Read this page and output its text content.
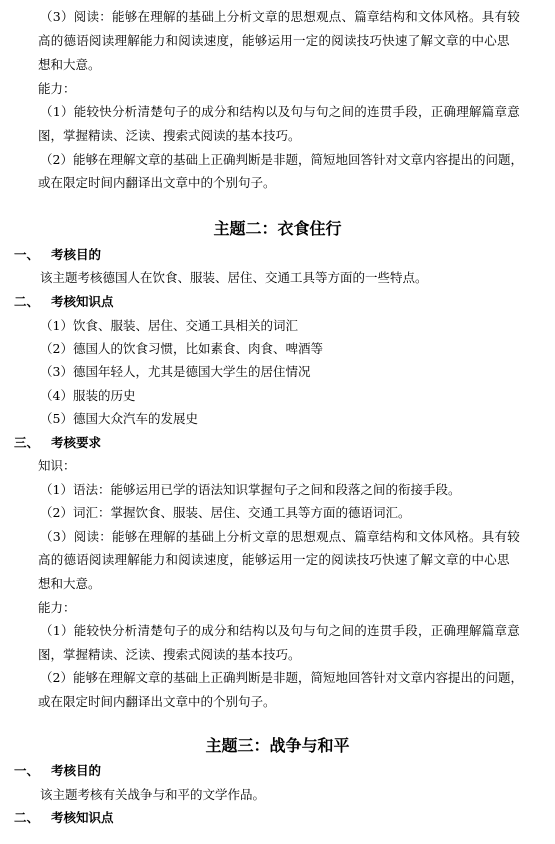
（3）阅读：能够在理解的基础上分析文章的思想观点、篇章结构和文体风格。具有较
高的德语阅读理解能力和阅读速度，能够运用一定的阅读技巧快速了解文章的中心思
想和大意。
能力：
（1）能较快分析清楚句子的成分和结构以及句与句之间的连贯手段，正确理解篇章意
图，掌握精读、泛读、搜索式阅读的基本技巧。
（2）能够在理解文章的基础上正确判断是非题，简短地回答针对文章内容提出的问题，
或在限定时间内翻译出文章中的个别句子。
主题二：衣食住行
一、 考核目的
该主题考核德国人在饮食、服装、居住、交通工具等方面的一些特点。
二、 考核知识点
（1）饮食、服装、居住、交通工具相关的词汇
（2）德国人的饮食习惯，比如素食、肉食、啤酒等
（3）德国年轻人，尤其是德国大学生的居住情况
（4）服装的历史
（5）德国大众汽车的发展史
三、 考核要求
知识：
（1）语法：能够运用已学的语法知识掌握句子之间和段落之间的衔接手段。
（2）词汇：掌握饮食、服装、居住、交通工具等方面的德语词汇。
（3）阅读：能够在理解的基础上分析文章的思想观点、篇章结构和文体风格。具有较
高的德语阅读理解能力和阅读速度，能够运用一定的阅读技巧快速了解文章的中心思
想和大意。
能力：
（1）能较快分析清楚句子的成分和结构以及句与句之间的连贯手段，正确理解篇章意
图，掌握精读、泛读、搜索式阅读的基本技巧。
（2）能够在理解文章的基础上正确判断是非题，简短地回答针对文章内容提出的问题，
或在限定时间内翻译出文章中的个别句子。
主题三：战争与和平
一、 考核目的
该主题考核有关战争与和平的文学作品。
二、 考核知识点
